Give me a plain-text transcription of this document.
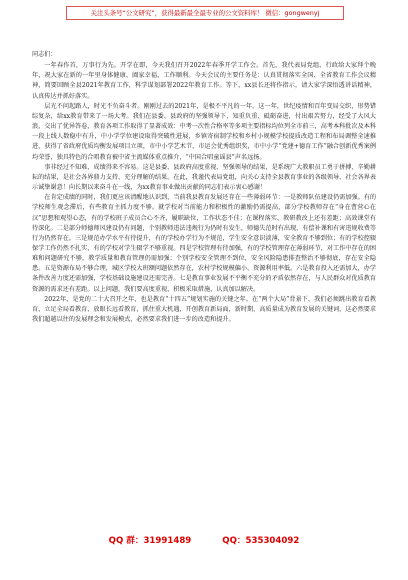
关注头条号“公文研究”，获得最新最全最专业的公文资料库！ 微信：gongwenyj

同志们：

一年春作首，万事行为先。开学在即，今天我们召开2022年春季开学工作会。首先，我代表局党组、行政给大家拜个晚年，祝大家在新的一年里身体健康、阖家幸福、工作顺利。今天会议的主要任务是：认真贯彻落实全国、全省教育工作会议精神，简要回顾全县2021年教育工作，科学谋划部署2022年教育工作。等下，xx县长还将作指示，请大家学深悟透讲话精神，认真传达并抓好落实。

层光不问起路人，时光不负奋斗者。刚刚过去的2021年，是极不平凡的一年。这一年，世纪疫情和百年变局交织，形势错综复杂，给xx教育带来了一场大考。我们在县委、县政府的坚强领导下，知重负重、砥砺奋进，付出艰苦努力，经受了大风大浪，交出了优异答卷，教育各项工作取得了显著成效：中考一次性合格率等多项主要指标均位列全市前三，高考本科批次及本科一段上线人数稳中有升，中小学学位建设取得突破性进展，乡镇寄宿制学校和乡村小规模学校提质改造工程和布局调整全速推进，获得了省政府优质均衡发展项目立项，市中小学艺术节、市运会优秀组织奖，市中小学“党建+德育工作”融合创新优秀案例均荣誉，独具特色的合唱教育被中省主流媒体重点推介，“中国合唱童谣县”声名远扬。

事非经过不知难，成绩得来不容易。这是县委、县政府高度重视、坚强领导的结果，是系统广大教职员工勇于拼搏、辛勤耕耘的结果，是社会各界鼎力支持、充分理解的结果。在此，我谨代表局党组，向关心支持全县教育事业的各级领导、社会各界表示诚挚谢意！向长期以来奋斗在一线，为xx教育事业做出贡献的同志们表示衷心感谢！

在肯定成绩的同时，我们更应该清醒地认识到，当前我县教育发展还存在一些薄弱环节：一是教师队伍建设仍需加强。有的学校师生观念滞后，有些教育主抓力度不够。就学校对当前能力和积极性的激励仍需提高，部分学校教师存在“身在曹营心在汉”思想和观望心态，有的学校班子成员合心不齐，履职缺位，工作状态不佳；在课程落实、教研教改上还有差距；高效课堂有待深化。二是部分师德师风建设仍有问题，个别教师违法违规行为仍时有发生，师德失范时有出现，有偿补课和有害违规收费等行为仍然存在。三是规范办学水平有待提升，有的学校办学行为不规范，学生安全意识淡薄，安全教育不够到位；有的学校控辍保学工作仍然不扎实，有的学校对学生辍学不够重视。四是学校管理有待加强，有的学校管理存在薄弱环节，对工作中存在的困难和问题研究不够，教学质量和教育管理仍需加强；个别学校安全管理不到位，安全风险隐患排查整治不够彻底，存在安全隐患。五是资源布局不够合理，城区学校大班额问题依然存在，农村学校规模偏小、资源利用率低。六是教育投入还需加大，办学条件改善力度还需加强，学校基础设施建设还需完善。七是教育事业发展不平衡不充分的矛盾依然存在，与人民群众对优质教育资源的需求还有差距。以上问题，我们要高度重视，积极采取措施，认真加以解决。

2022年，是党的二十大召开之年，也是教育“十四五”规划实施的关键之年。在“两个大局”背景下，我们必须跳出教育看教育、立足全局看教育、放眼长远看教育，抓住重大机遇，开创教育新局面，新时期，高质量成为教育发展的关键词，这必然要求我们超越以往的发展理念和发展模式，必然要求我们进一步的改造和提升。

QQ 群：31991489	QQ：535304092
